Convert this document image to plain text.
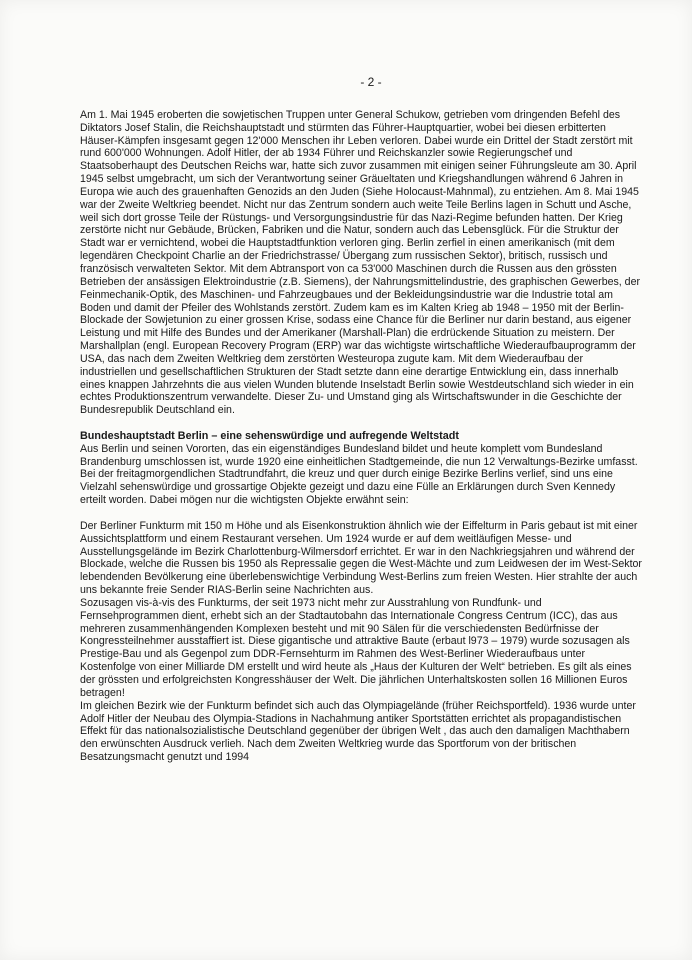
- 2 -

Am 1. Mai 1945 eroberten die sowjetischen Truppen unter General Schukow, getrieben vom dringenden Befehl des Diktators Josef Stalin, die Reichshauptstadt und stürmten das Führer-Hauptquartier, wobei bei diesen erbitterten Häuser-Kämpfen insgesamt gegen 12'000 Menschen ihr Leben verloren. Dabei wurde ein Drittel der Stadt zerstört mit rund 600'000 Wohnungen. Adolf Hitler, der ab 1934 Führer und Reichskanzler sowie Regierungschef und Staatsoberhaupt des Deutschen Reichs war, hatte sich zuvor zusammen mit einigen seiner Führungsleute am 30. April 1945 selbst umgebracht, um sich der Verantwortung seiner Gräueltaten und Kriegshandlungen während 6 Jahren in Europa wie auch des grauenhaften Genozids an den Juden (Siehe Holocaust-Mahnmal), zu entziehen. Am 8. Mai 1945 war der Zweite Weltkrieg beendet. Nicht nur das Zentrum sondern auch weite Teile Berlins lagen in Schutt und Asche, weil sich dort grosse Teile der Rüstungs- und Versorgungsindustrie für das Nazi-Regime befunden hatten. Der Krieg zerstörte nicht nur Gebäude, Brücken, Fabriken und die Natur, sondern auch das Lebensglück. Für die Struktur der Stadt war er vernichtend, wobei die Hauptstadtfunktion verloren ging. Berlin zerfiel in einen amerikanisch (mit dem legendären Checkpoint Charlie an der Friedrichstrasse/ Übergang zum russischen Sektor), britisch, russisch und französisch verwalteten Sektor. Mit dem Abtransport von ca 53'000 Maschinen durch die Russen aus den grössten Betrieben der ansässigen Elektroindustrie (z.B. Siemens), der Nahrungsmittelindustrie, des graphischen Gewerbes, der Feinmechanik-Optik, des Maschinen- und Fahrzeugbaues und der Bekleidungsindustrie war die Industrie total am Boden und damit der Pfeiler des Wohlstands zerstört. Zudem kam es im Kalten Krieg ab 1948 – 1950 mit der Berlin-Blockade der Sowjetunion zu einer grossen Krise, sodass eine Chance für die Berliner nur darin bestand, aus eigener Leistung und mit Hilfe des Bundes und der Amerikaner (Marshall-Plan) die erdrückende Situation zu meistern. Der Marshallplan (engl. European Recovery Program (ERP) war das wichtigste wirtschaftliche Wiederaufbauprogramm der USA, das nach dem Zweiten Weltkrieg dem zerstörten Westeuropa zugute kam. Mit dem Wiederaufbau der industriellen und gesellschaftlichen Strukturen der Stadt setzte dann eine derartige Entwicklung ein, dass innerhalb eines knappen Jahrzehnts die aus vielen Wunden blutende Inselstadt Berlin sowie Westdeutschland sich wieder in ein echtes Produktionszentrum verwandelte. Dieser Zu- und Umstand ging als Wirtschaftswunder in die Geschichte der Bundesrepublik Deutschland ein.

Bundeshauptstadt Berlin – eine sehenswürdige und aufregende Weltstadt

Aus Berlin und seinen Vororten, das ein eigenständiges Bundesland bildet und heute komplett vom Bundesland Brandenburg umschlossen ist, wurde 1920 eine einheitlichen Stadtgemeinde, die nun 12 Verwaltungs-Bezirke umfasst.

Bei der freitagmorgendlichen Stadtrundfahrt, die kreuz und quer durch einige Bezirke Berlins verlief, sind uns eine Vielzahl sehenswürdige und grossartige Objekte gezeigt und dazu eine Fülle an Erklärungen durch Sven Kennedy erteilt worden. Dabei mögen nur die wichtigsten Objekte erwähnt sein:

Der Berliner Funkturm mit 150 m Höhe und als Eisenkonstruktion ähnlich wie der Eiffelturm in Paris gebaut ist mit einer Aussichtsplattform und einem Restaurant versehen. Um 1924 wurde er auf dem weitläufigen Messe- und Ausstellungsgelände im Bezirk Charlottenburg-Wilmersdorf errichtet. Er war in den Nachkriegsjahren und während der Blockade, welche die Russen bis 1950 als Repressalie gegen die West-Mächte und zum Leidwesen der im West-Sektor lebendenden Bevölkerung eine überlebenswichtige Verbindung West-Berlins zum freien Westen. Hier strahlte der auch uns bekannte freie Sender RIAS-Berlin seine Nachrichten aus.

Sozusagen vis-à-vis des Funkturms, der seit 1973 nicht mehr zur Ausstrahlung von Rundfunk- und Fernsehprogrammen dient, erhebt sich an der Stadtautobahn das Internationale Congress Centrum (ICC), das aus mehreren zusammenhängenden Komplexen besteht und mit 90 Sälen für die verschiedensten Bedürfnisse der Kongressteilnehmer ausstaffiert ist. Diese gigantische und attraktive Baute (erbaut l973 – 1979) wurde sozusagen als Prestige-Bau und als Gegenpol zum DDR-Fernsehturm im Rahmen des West-Berliner Wiederaufbaus unter Kostenfolge von einer Milliarde DM erstellt und wird heute als „Haus der Kulturen der Welt“ betrieben. Es gilt als eines der grössten und erfolgreichsten Kongresshäuser der Welt. Die jährlichen Unterhaltskosten sollen 16 Millionen Euros betragen!

Im gleichen Bezirk wie der Funkturm befindet sich auch das Olympiagelände (früher Reichsportfeld). 1936 wurde unter Adolf Hitler der Neubau des Olympia-Stadions in Nachahmung antiker Sportstätten errichtet als propagandistischen Effekt für das nationalsozialistische Deutschland gegenüber der übrigen Welt , das auch den damaligen Machthabern den erwünschten Ausdruck verlieh. Nach dem Zweiten Weltkrieg wurde das Sportforum von der britischen Besatzungsmacht genutzt und 1994
